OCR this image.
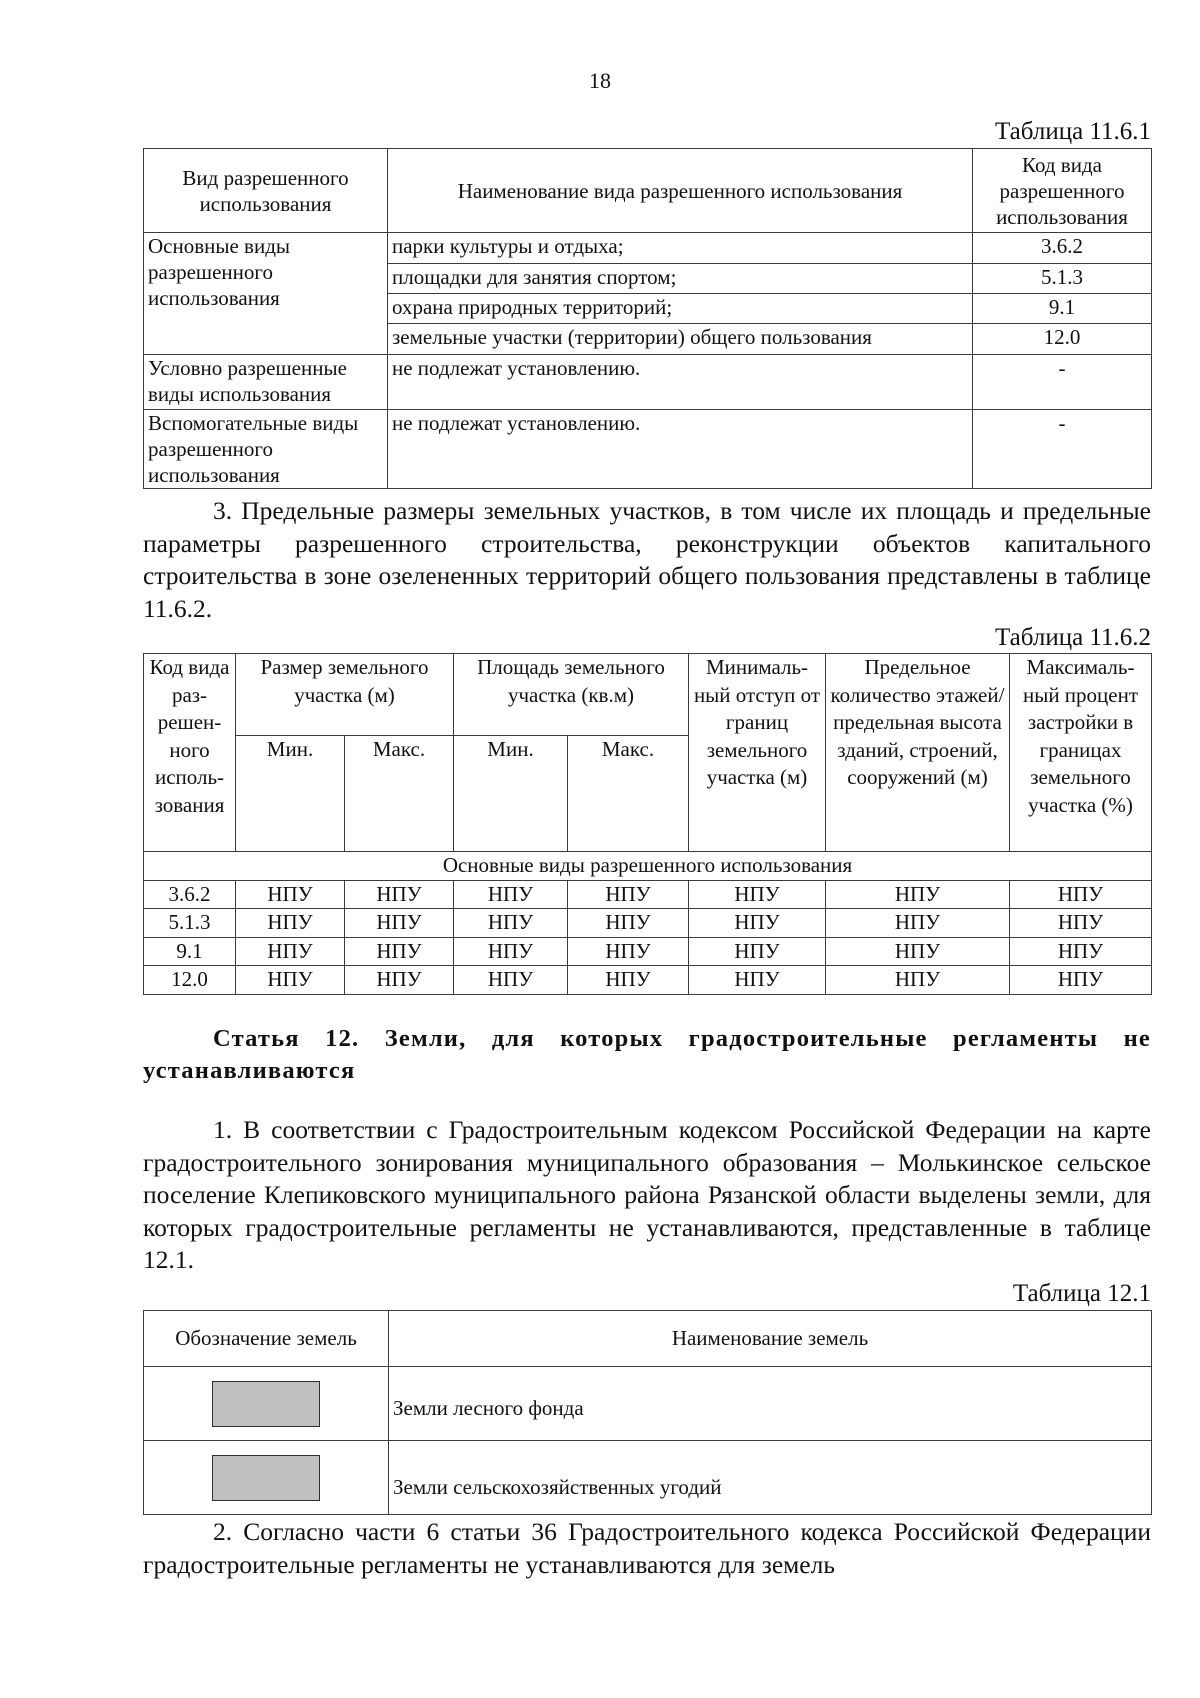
18
Таблица 11.6.1
Вид разрешенного использования	Наименование вида разрешенного использования	Код вида разрешенного использования
Основные виды разрешенного использования	парки культуры и отдыха;	3.6.2
	площадки для занятия спортом;	5.1.3
	охрана природных территорий;	9.1
	земельные участки (территории) общего пользования	12.0
Условно разрешенные виды использования	не подлежат установлению.	-
Вспомогательные виды разрешенного использования	не подлежат установлению.	-
3. Предельные размеры земельных участков, в том числе их площадь и предельные параметры разрешенного строительства, реконструкции объектов капитального строительства в зоне озелененных территорий общего пользования представлены в таблице 11.6.2.
Таблица 11.6.2
Код вида раз-решен-ного исполь-зования	Размер земельного участка (м)		Площадь земельного участка (кв.м)		Минималь-ный отступ от границ земельного участка (м)	Предельное количество этажей/ предельная высота зданий, строений, сооружений (м)	Максималь-ный процент застройки в границах земельного участка (%)
	Мин.	Макс.	Мин.	Макс.			
Основные виды разрешенного использования							
3.6.2	НПУ	НПУ	НПУ	НПУ	НПУ	НПУ	НПУ
5.1.3	НПУ	НПУ	НПУ	НПУ	НПУ	НПУ	НПУ
9.1	НПУ	НПУ	НПУ	НПУ	НПУ	НПУ	НПУ
12.0	НПУ	НПУ	НПУ	НПУ	НПУ	НПУ	НПУ
Статья 12. Земли, для которых градостроительные регламенты не устанавливаются
1. В соответствии с Градостроительным кодексом Российской Федерации на карте градостроительного зонирования муниципального образования – Молькинское сельское поселение Клепиковского муниципального района Рязанской области выделены земли, для которых градостроительные регламенты не устанавливаются, представленные в таблице 12.1.
Таблица 12.1
Обозначение земель	Наименование земель

	Земли лесного фонда

	Земли сельскохозяйственных угодий
2. Согласно части 6 статьи 36 Градостроительного кодекса Российской Федерации градостроительные регламенты не устанавливаются для земель
